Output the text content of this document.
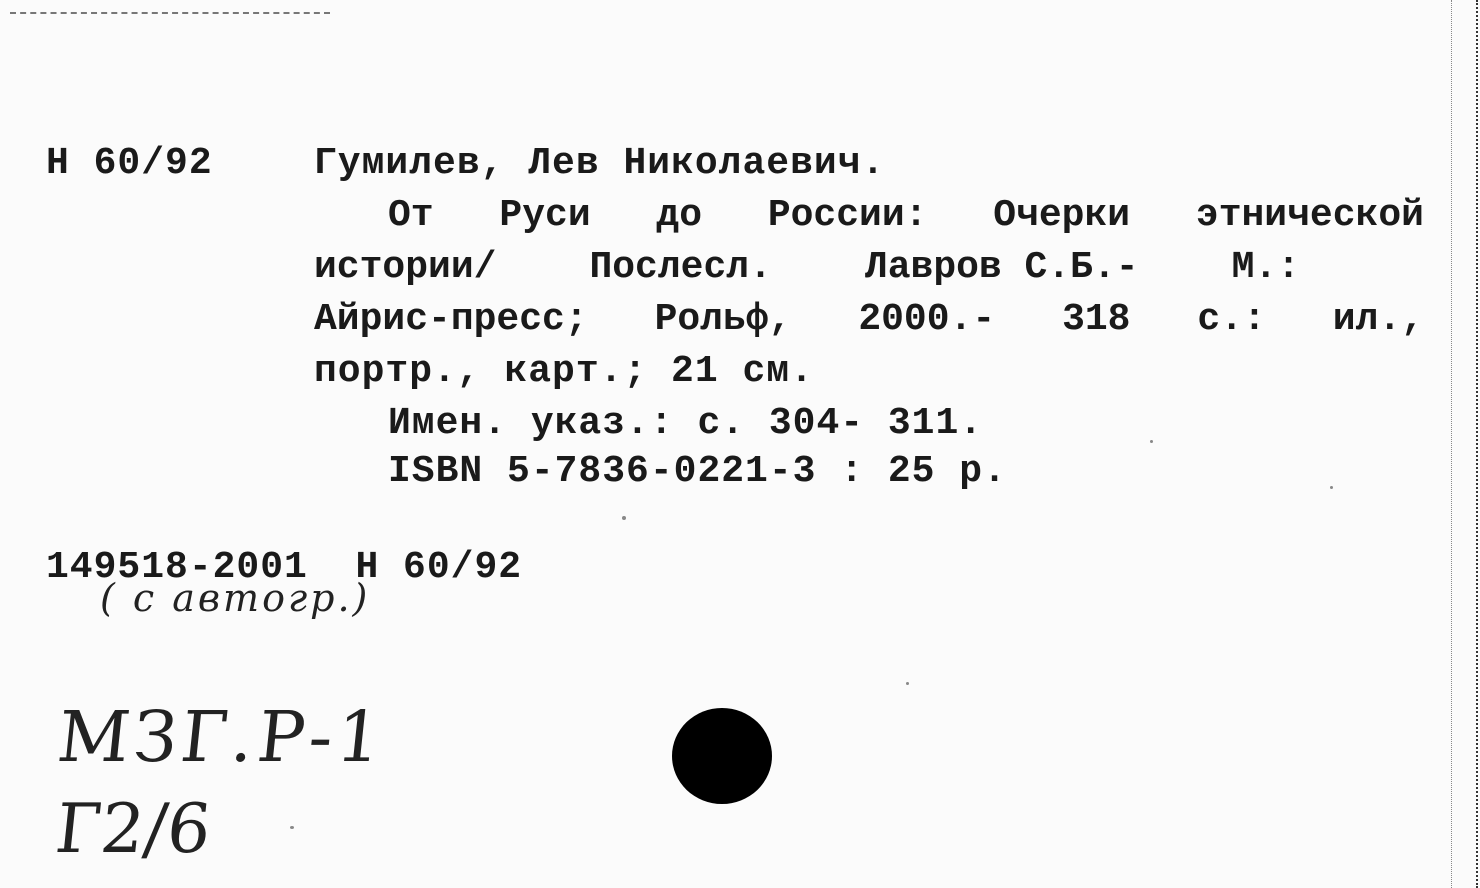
Н 60/92	Гумилев, Лев Николаевич.
От Руси до России: Очерки этнической
истории/ Послесл. Лавров С.Б.- М.:
Айрис-пресс; Рольф, 2000.- 318 с.: ил.,
портр., карт.; 21 см.
Имен. указ.: с. 304- 311.
ISBN 5-7836-0221-3 : 25 р.
149518-2001  Н 60/92
( с автогр.)
МЗГ.Р-1
Г2/6
